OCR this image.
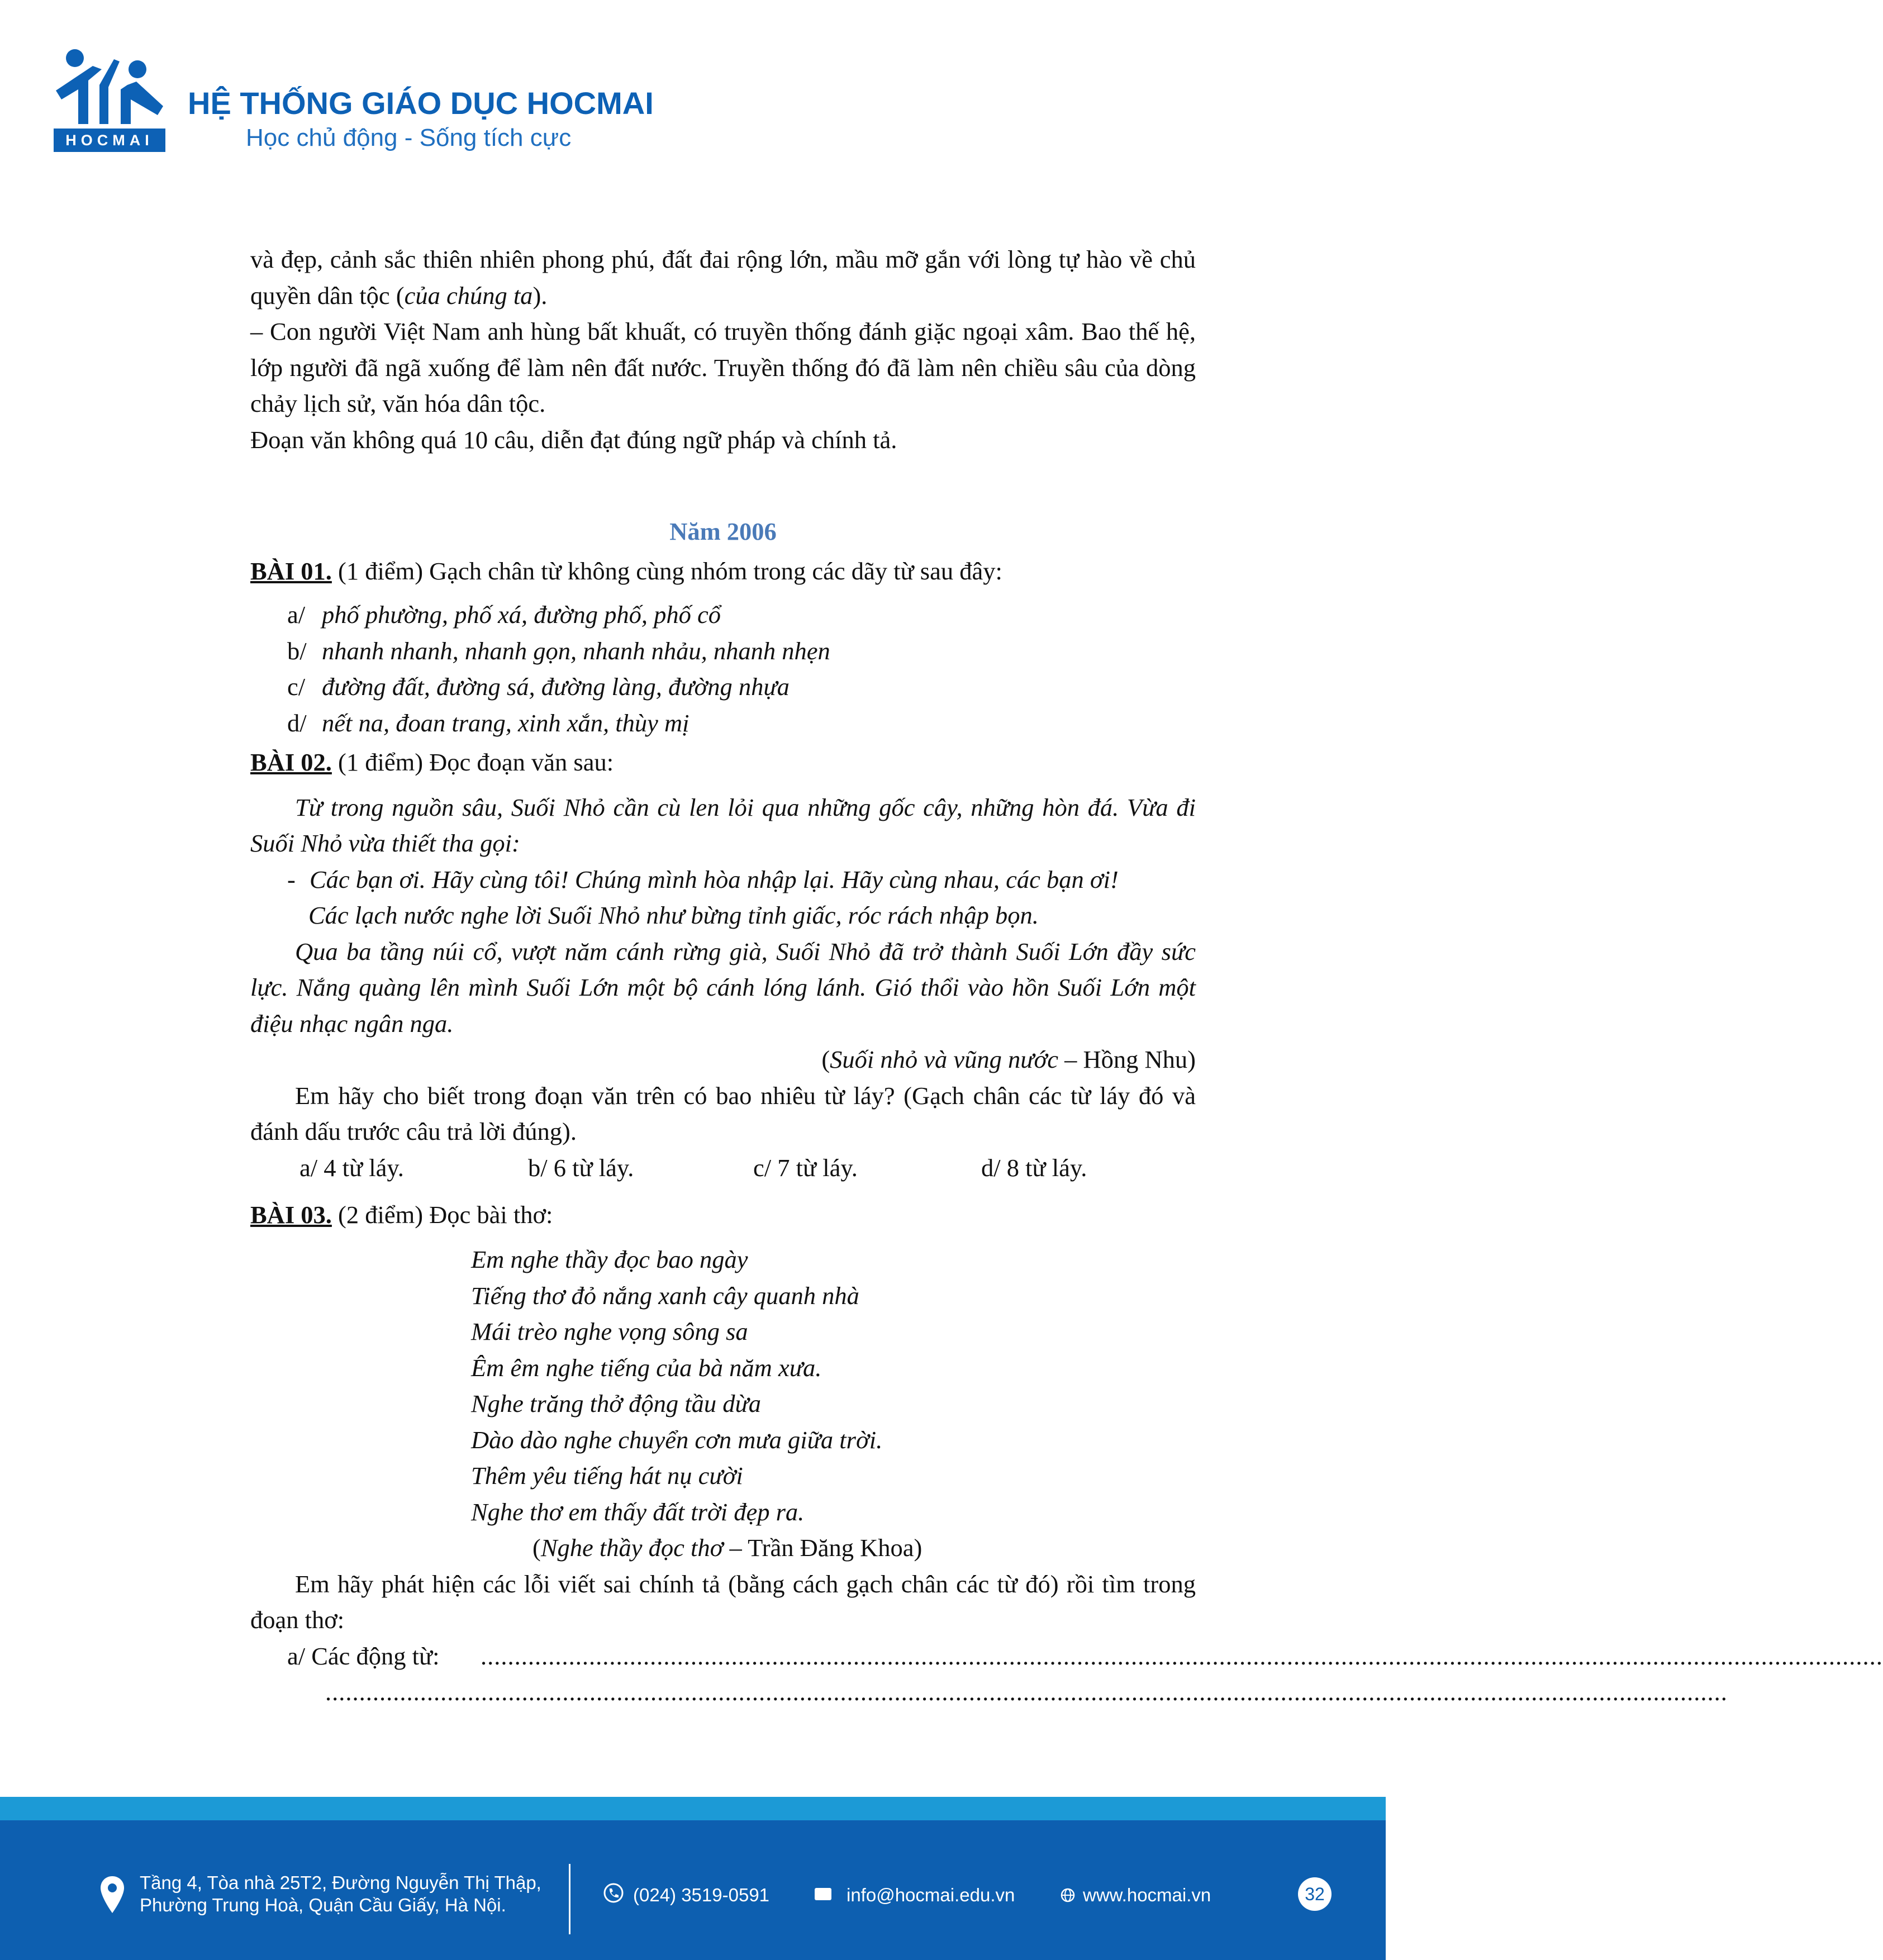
HOCMAI
HỆ THỐNG GIÁO DỤC HOCMAI
Học chủ động - Sống tích cực

và đẹp, cảnh sắc thiên nhiên phong phú, đất đai rộng lớn, mầu mỡ gắn với lòng tự hào về chủ quyền dân tộc (của chúng ta).

– Con người Việt Nam anh hùng bất khuất, có truyền thống đánh giặc ngoại xâm. Bao thế hệ, lớp người đã ngã xuống để làm nên đất nước. Truyền thống đó đã làm nên chiều sâu của dòng chảy lịch sử, văn hóa dân tộc.

Đoạn văn không quá 10 câu, diễn đạt đúng ngữ pháp và chính tả.

Năm 2006

BÀI 01. (1 điểm) Gạch chân từ không cùng nhóm trong các dãy từ sau đây:

a/ phố phường, phố xá, đường phố, phố cổ
b/ nhanh nhanh, nhanh gọn, nhanh nhảu, nhanh nhẹn
c/ đường đất, đường sá, đường làng, đường nhựa
d/ nết na, đoan trang, xinh xắn, thùy mị

BÀI 02. (1 điểm) Đọc đoạn văn sau:

Từ trong nguồn sâu, Suối Nhỏ cần cù len lỏi qua những gốc cây, những hòn đá. Vừa đi Suối Nhỏ vừa thiết tha gọi:

- Các bạn ơi. Hãy cùng tôi! Chúng mình hòa nhập lại. Hãy cùng nhau, các bạn ơi!

Các lạch nước nghe lời Suối Nhỏ như bừng tỉnh giấc, róc rách nhập bọn.

Qua ba tầng núi cổ, vượt năm cánh rừng già, Suối Nhỏ đã trở thành Suối Lớn đầy sức lực. Nắng quàng lên mình Suối Lớn một bộ cánh lóng lánh. Gió thổi vào hồn Suối Lớn một điệu nhạc ngân nga.

(Suối nhỏ và vũng nước – Hồng Nhu)

Em hãy cho biết trong đoạn văn trên có bao nhiêu từ láy? (Gạch chân các từ láy đó và đánh dấu trước câu trả lời đúng).

a/ 4 từ láy.	b/ 6 từ láy.	c/ 7 từ láy.	d/ 8 từ láy.

BÀI 03. (2 điểm) Đọc bài thơ:

Em nghe thầy đọc bao ngày

Tiếng thơ đỏ nắng xanh cây quanh nhà

Mái trèo nghe vọng sông sa

Êm êm nghe tiếng của bà năm xưa.

Nghe trăng thở động tầu dừa

Dào dào nghe chuyển cơn mưa giữa trời.

Thêm yêu tiếng hát nụ cười

Nghe thơ em thấy đất trời đẹp ra.

(Nghe thầy đọc thơ – Trần Đăng Khoa)

Em hãy phát hiện các lỗi viết sai chính tả (bằng cách gạch chân các từ đó) rồi tìm trong đoạn thơ:

a/ Các động từ: ...............................................................................................................................................................................................................
...............................................................................................................................................................................................................
Tầng 4, Tòa nhà 25T2, Đường Nguyễn Thị Thập,
Phường Trung Hoà, Quận Cầu Giấy, Hà Nội.	(024) 3519-0591	info@hocmai.edu.vn	www.hocmai.vn	32
